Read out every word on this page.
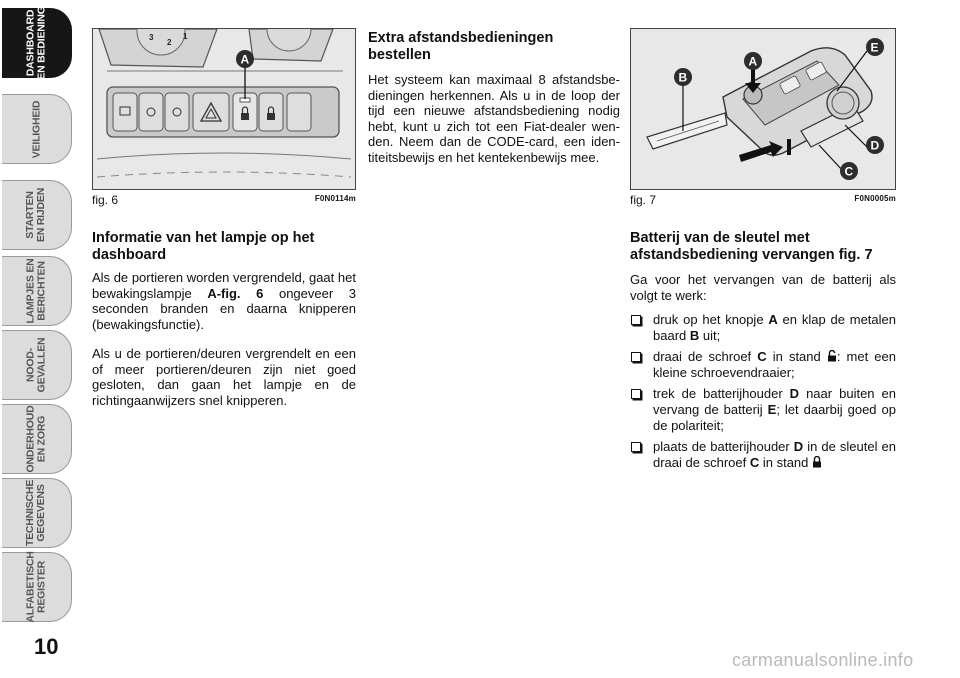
DASHBOARD
EN BEDIENING
VEILIGHEID
STARTEN
EN RIJDEN
LAMPJES EN
BERICHTEN
NOOD-
GEVALLEN
ONDERHOUD
EN ZORG
TECHNISCHE
GEGEVENS
ALFABETISCH
REGISTER
10
carmanualsonline.info
3
2
1
A
fig. 6	F0N0114m
B
A
E
D
C
fig. 7	F0N0005m
Informatie van het lampje op het dashboard
Als de portieren worden vergrendeld, gaat het bewakingslampje A-fig. 6 ongeveer 3 seconden branden en daarna knipperen (bewakingsfunctie).
Als u de portieren/deuren vergrendelt en een of meer portieren/deuren zijn niet goed gesloten, dan gaan het lampje en de richtingaanwijzers snel knipperen.
Extra afstandsbedieningen bestellen
Het systeem kan maximaal 8 afstandsbedieningen herkennen. Als u in de loop der tijd een nieuwe afstandsbediening nodig hebt, kunt u zich tot een Fiat-dealer wenden. Neem dan de CODE-card, een identiteitsbewijs en het kentekenbewijs mee.
Batterij van de sleutel met afstandsbediening vervangen fig. 7
Ga voor het vervangen van de batterij als volgt te werk:
druk op het knopje A en klap de metalen baard B uit;
draai de schroef C in stand : met een kleine schroevendraaier;
trek de batterijhouder D naar buiten en vervang de batterij E; let daarbij goed op de polariteit;
plaats de batterijhouder D in de sleutel en draai de schroef C in stand
